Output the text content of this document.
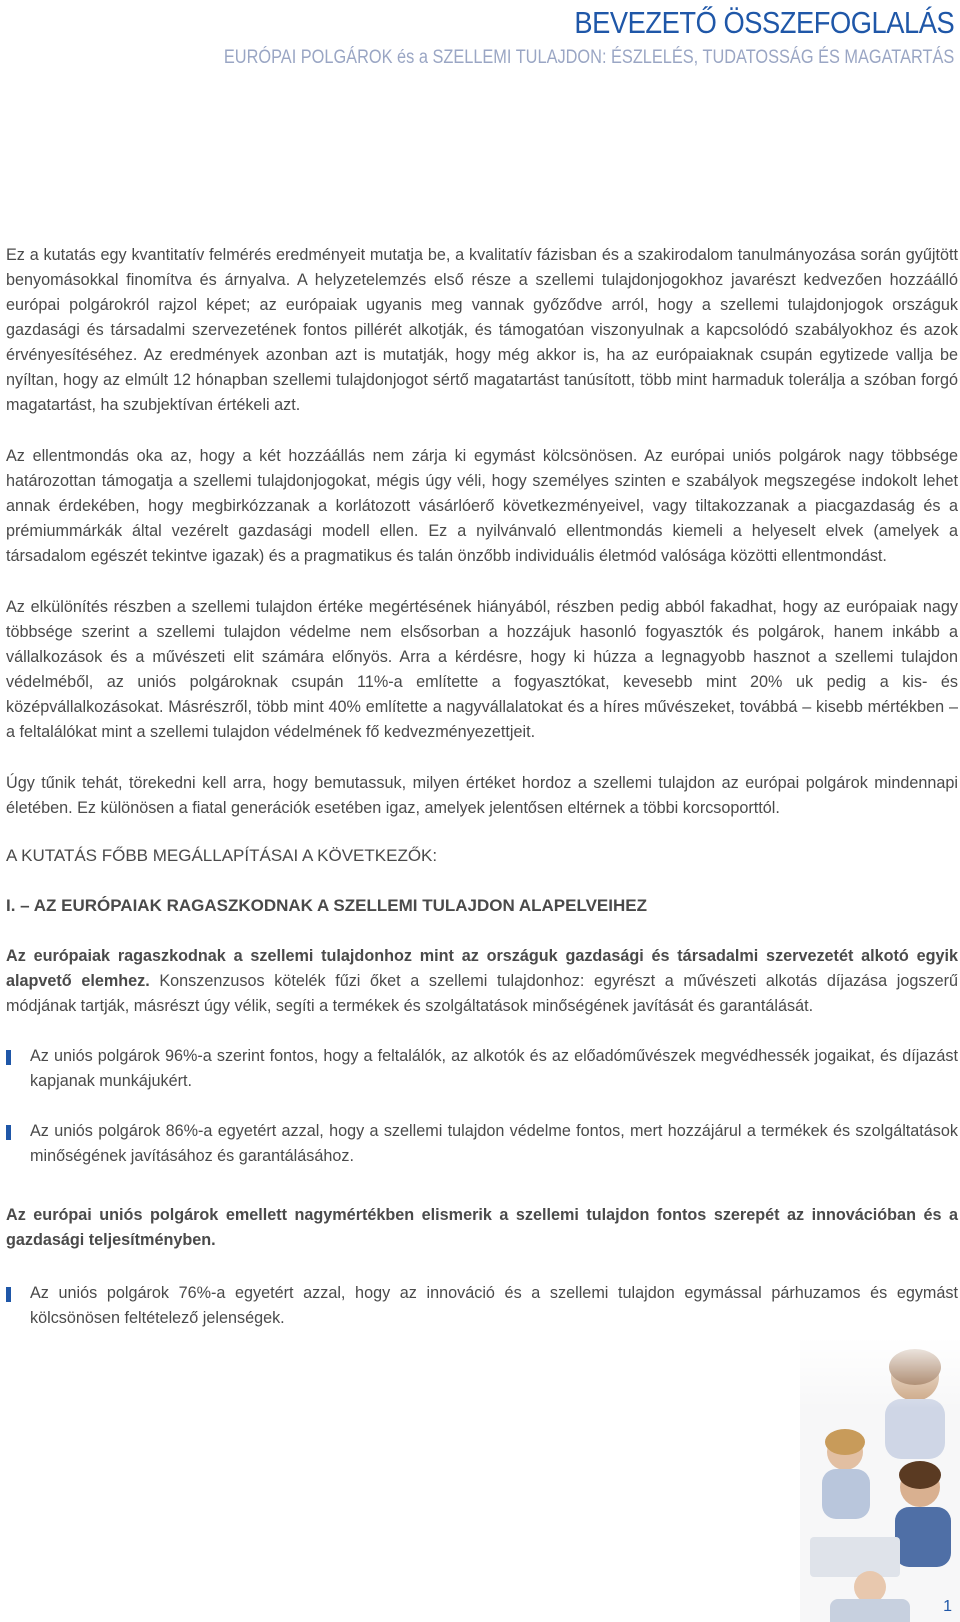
BEVEZETŐ ÖSSZEFOGLALÁS
EURÓPAI POLGÁROK és a SZELLEMI TULAJDON: ÉSZLELÉS, TUDATOSSÁG ÉS MAGATARTÁS

Ez a kutatás egy kvantitatív felmérés eredményeit mutatja be, a kvalitatív fázisban és a szakirodalom tanulmányozása során gyűjtött benyomásokkal finomítva és árnyalva. A helyzetelemzés első része a szellemi tulajdonjogokhoz javarészt kedvezően hozzáálló európai polgárokról rajzol képet; az európaiak ugyanis meg vannak győződve arról, hogy a szellemi tulajdonjogok országuk gazdasági és társadalmi szervezetének fontos pillérét alkotják, és támogatóan viszonyulnak a kapcsolódó szabályokhoz és azok érvényesítéséhez. Az eredmények azonban azt is mutatják, hogy még akkor is, ha az európaiaknak csupán egytizede vallja be nyíltan, hogy az elmúlt 12 hónapban szellemi tulajdonjogot sértő magatartást tanúsított, több mint harmaduk tolerálja a szóban forgó magatartást, ha szubjektívan értékeli azt.

Az ellentmondás oka az, hogy a két hozzáállás nem zárja ki egymást kölcsönösen. Az európai uniós polgárok nagy többsége határozottan támogatja a szellemi tulajdonjogokat, mégis úgy véli, hogy személyes szinten e szabályok megszegése indokolt lehet annak érdekében, hogy megbirkózzanak a korlátozott vásárlóerő következményeivel, vagy tiltakozzanak a piacgazdaság és a prémiummárkák által vezérelt gazdasági modell ellen. Ez a nyilvánvaló ellentmondás kiemeli a helyeselt elvek (amelyek a társadalom egészét tekintve igazak) és a pragmatikus és talán önzőbb individuális életmód valósága közötti ellentmondást.

Az elkülönítés részben a szellemi tulajdon értéke megértésének hiányából, részben pedig abból fakadhat, hogy az európaiak nagy többsége szerint a szellemi tulajdon védelme nem elsősorban a hozzájuk hasonló fogyasztók és polgárok, hanem inkább a vállalkozások és a művészeti elit számára előnyös. Arra a kérdésre, hogy ki húzza a legnagyobb hasznot a szellemi tulajdon védelméből, az uniós polgároknak csupán 11%-a említette a fogyasztókat, kevesebb mint 20% uk pedig a kis- és középvállalkozásokat. Másrészről, több mint 40% említette a nagyvállalatokat és a híres művészeket, továbbá – kisebb mértékben – a feltalálókat mint a szellemi tulajdon védelmének fő kedvezményezettjeit.

Úgy tűnik tehát, törekedni kell arra, hogy bemutassuk, milyen értéket hordoz a szellemi tulajdon az európai polgárok mindennapi életében. Ez különösen a fiatal generációk esetében igaz, amelyek jelentősen eltérnek a többi korcsoporttól.

A KUTATÁS FŐBB MEGÁLLAPÍTÁSAI A KÖVETKEZŐK:
I. – AZ EURÓPAIAK RAGASZKODNAK A SZELLEMI TULAJDON ALAPELVEIHEZ

Az európaiak ragaszkodnak a szellemi tulajdonhoz mint az országuk gazdasági és társadalmi szervezetét alkotó egyik alapvető elemhez. Konszenzusos kötelék fűzi őket a szellemi tulajdonhoz: egyrészt a művészeti alkotás díjazása jogszerű módjának tartják, másrészt úgy vélik, segíti a termékek és szolgáltatások minőségének javítását és garantálását.

Az uniós polgárok 96%-a szerint fontos, hogy a feltalálók, az alkotók és az előadóművészek megvédhessék jogaikat, és díjazást kapjanak munkájukért.

Az uniós polgárok 86%-a egyetért azzal, hogy a szellemi tulajdon védelme fontos, mert hozzájárul a termékek és szolgáltatások minőségének javításához és garantálásához.

Az európai uniós polgárok emellett nagymértékben elismerik a szellemi tulajdon fontos szerepét az innovációban és a gazdasági teljesítményben.

Az uniós polgárok 76%-a egyetért azzal, hogy az innováció és a szellemi tulajdon egymással párhuzamos és egymást kölcsönösen feltételező jelenségek.

1
